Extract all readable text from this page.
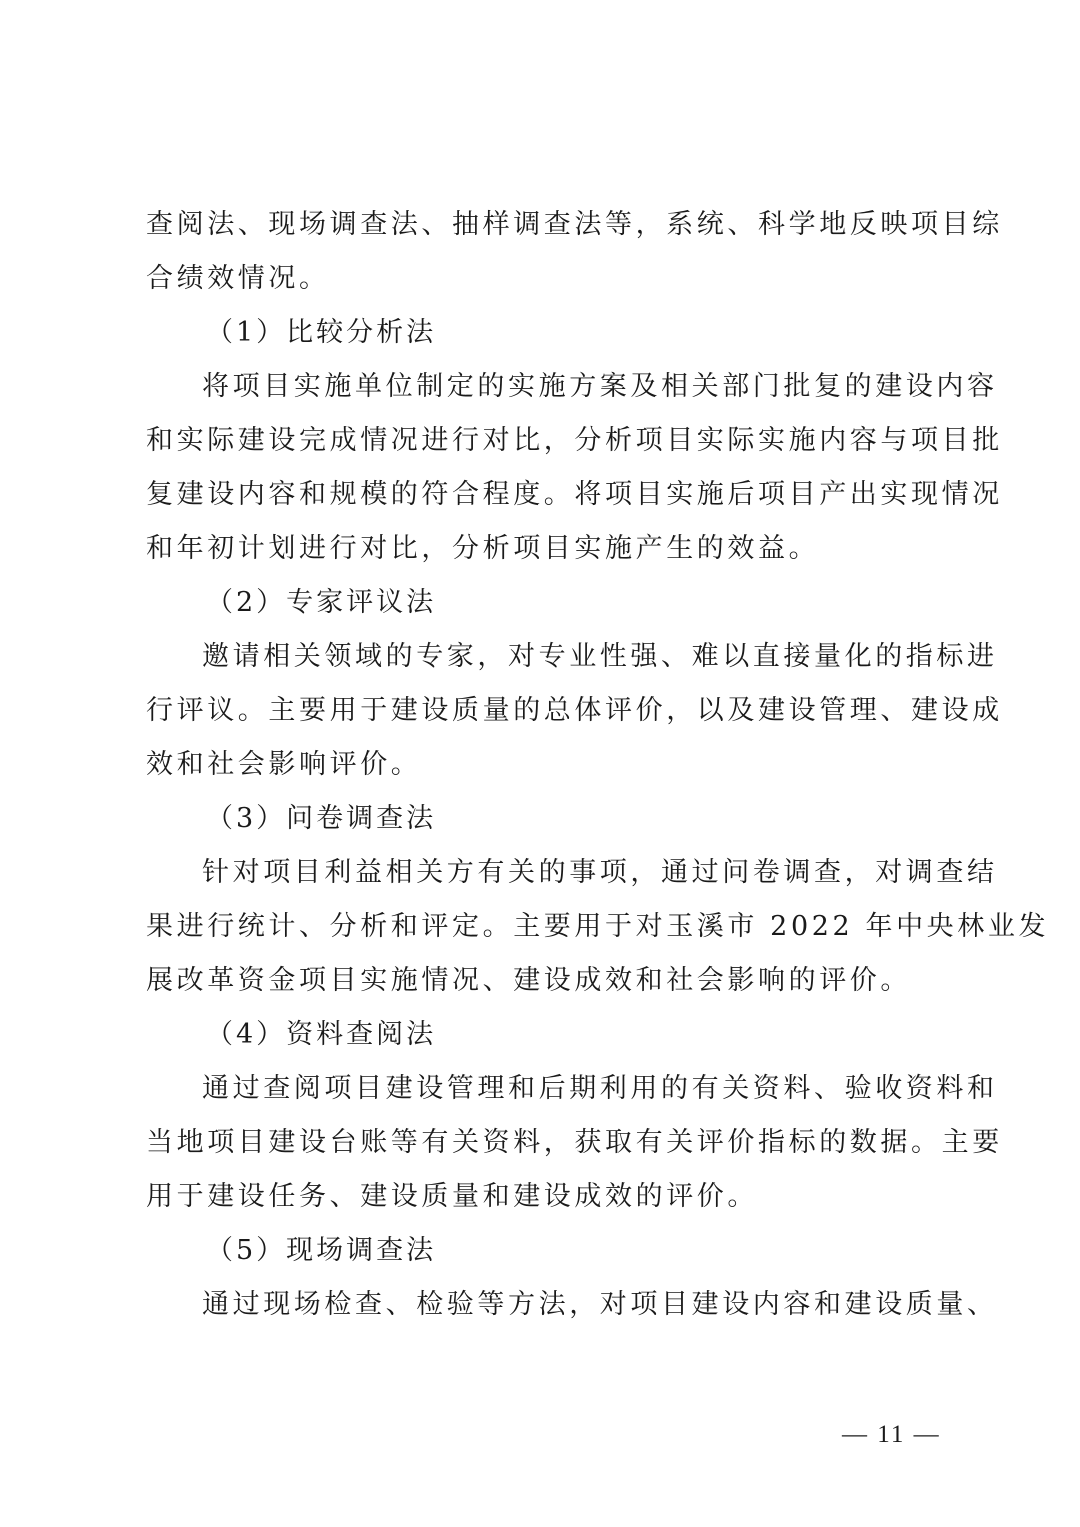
查阅法、现场调查法、抽样调查法等，系统、科学地反映项目综
合绩效情况。
（1）比较分析法
将项目实施单位制定的实施方案及相关部门批复的建设内容
和实际建设完成情况进行对比，分析项目实际实施内容与项目批
复建设内容和规模的符合程度。将项目实施后项目产出实现情况
和年初计划进行对比，分析项目实施产生的效益。
（2）专家评议法
邀请相关领域的专家，对专业性强、难以直接量化的指标进
行评议。主要用于建设质量的总体评价，以及建设管理、建设成
效和社会影响评价。
（3）问卷调查法
针对项目利益相关方有关的事项，通过问卷调查，对调查结
果进行统计、分析和评定。主要用于对玉溪市 2022 年中央林业发
展改革资金项目实施情况、建设成效和社会影响的评价。
（4）资料查阅法
通过查阅项目建设管理和后期利用的有关资料、验收资料和
当地项目建设台账等有关资料，获取有关评价指标的数据。主要
用于建设任务、建设质量和建设成效的评价。
（5）现场调查法
通过现场检查、检验等方法，对项目建设内容和建设质量、
— 11 —
